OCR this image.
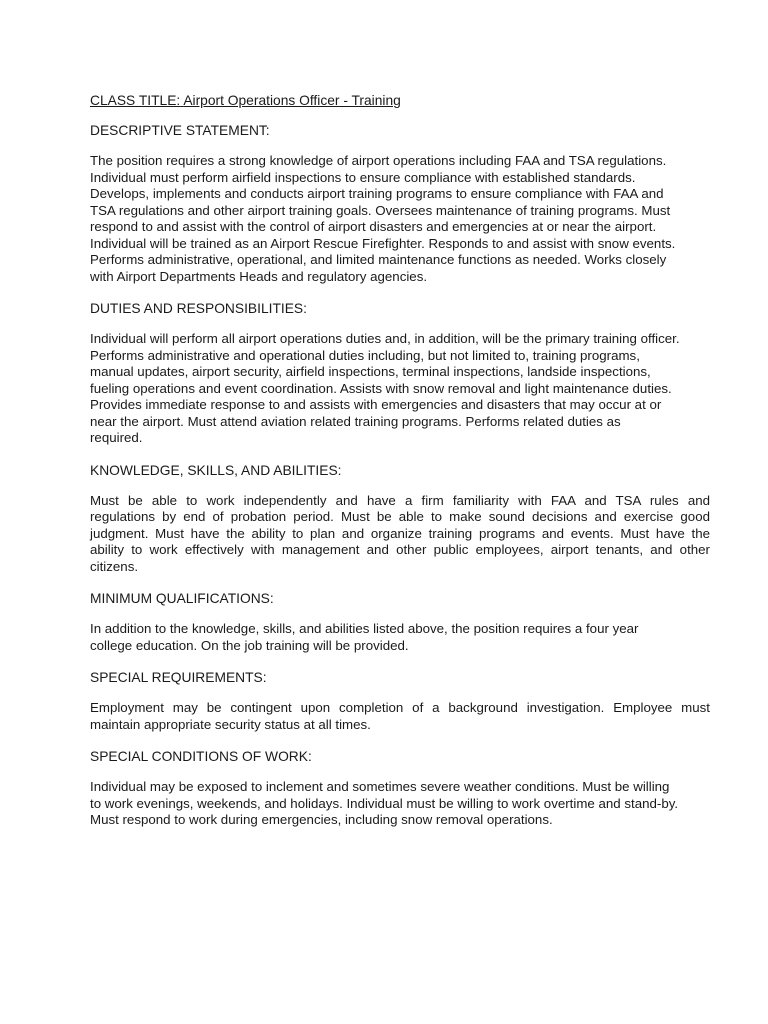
CLASS TITLE: Airport Operations Officer - Training
DESCRIPTIVE STATEMENT:
The position requires a strong knowledge of airport operations including FAA and TSA regulations.
Individual must perform airfield inspections to ensure compliance with established standards.
Develops, implements and conducts airport training programs to ensure compliance with FAA and
TSA regulations and other airport training goals. Oversees maintenance of training programs. Must
respond to and assist with the control of airport disasters and emergencies at or near the airport.
Individual will be trained as an Airport Rescue Firefighter. Responds to and assist with snow events.
Performs administrative, operational, and limited maintenance functions as needed. Works closely
with Airport Departments Heads and regulatory agencies.
DUTIES AND RESPONSIBILITIES:
Individual will perform all airport operations duties and, in addition, will be the primary training officer.
Performs administrative and operational duties including, but not limited to, training programs,
manual updates, airport security, airfield inspections, terminal inspections, landside inspections,
fueling operations and event coordination. Assists with snow removal and light maintenance duties.
Provides immediate response to and assists with emergencies and disasters that may occur at or
near the airport. Must attend aviation related training programs. Performs related duties as
required.
KNOWLEDGE, SKILLS, AND ABILITIES:
Must be able to work independently and have a firm familiarity with FAA and TSA rules and
regulations by end of probation period. Must be able to make sound decisions and exercise good
judgment. Must have the ability to plan and organize training programs and events. Must have the
ability to work effectively with management and other public employees, airport tenants, and other
citizens.
MINIMUM QUALIFICATIONS:
In addition to the knowledge, skills, and abilities listed above, the position requires a four year
college education. On the job training will be provided.
SPECIAL REQUIREMENTS:
Employment may be contingent upon completion of a background investigation. Employee must
maintain appropriate security status at all times.
SPECIAL CONDITIONS OF WORK:
Individual may be exposed to inclement and sometimes severe weather conditions. Must be willing
to work evenings, weekends, and holidays. Individual must be willing to work overtime and stand-by.
Must respond to work during emergencies, including snow removal operations.
